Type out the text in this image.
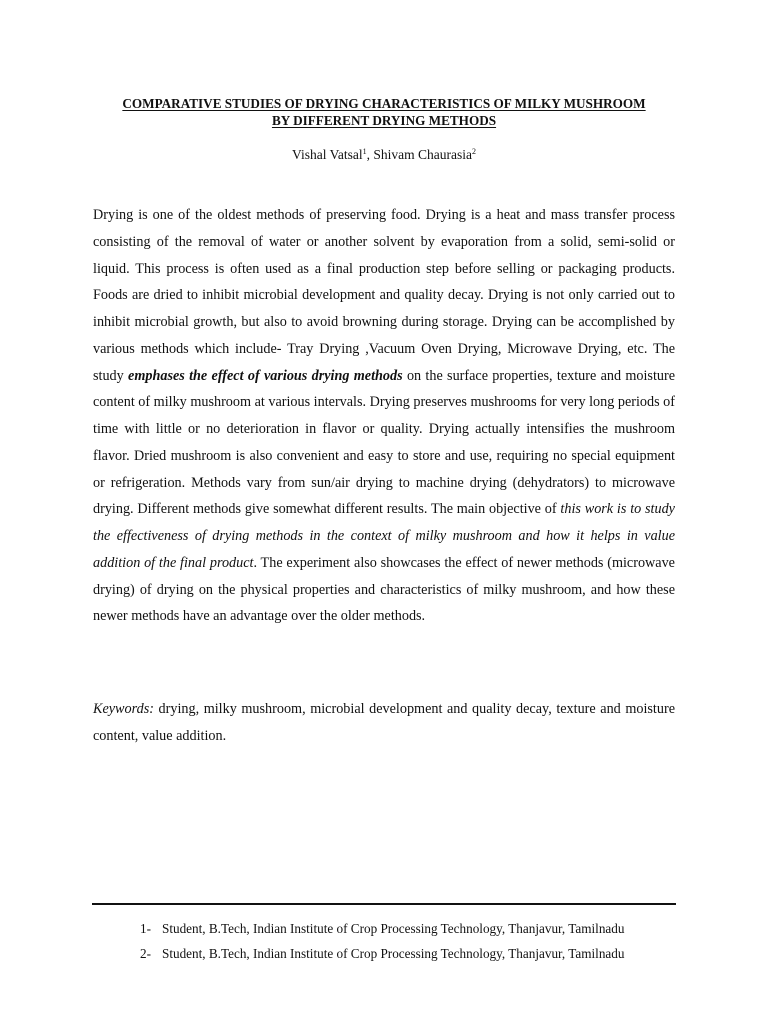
COMPARATIVE STUDIES OF DRYING CHARACTERISTICS OF MILKY MUSHROOM
BY DIFFERENT DRYING METHODS
Vishal Vatsal$^1$, Shivam Chaurasia$^2$

Drying is one of the oldest methods of preserving food. Drying is a heat and mass transfer process consisting of the removal of water or another solvent by evaporation from a solid, semi-solid or liquid. This process is often used as a final production step before selling or packaging products. Foods are dried to inhibit microbial development and quality decay. Drying is not only carried out to inhibit microbial growth, but also to avoid browning during storage. Drying can be accomplished by various methods which include- Tray Drying ,Vacuum Oven Drying, Microwave Drying, etc. The study emphases the effect of various drying methods on the surface properties, texture and moisture content of milky mushroom at various intervals. Drying preserves mushrooms for very long periods of time with little or no deterioration in flavor or quality. Drying actually intensifies the mushroom flavor. Dried mushroom is also convenient and easy to store and use, requiring no special equipment or refrigeration. Methods vary from sun/air drying to machine drying (dehydrators) to microwave drying. Different methods give somewhat different results. The main objective of this work is to study the effectiveness of drying methods in the context of milky mushroom and how it helps in value addition of the final product. The experiment also showcases the effect of newer methods (microwave drying) of drying on the physical properties and characteristics of milky mushroom, and how these newer methods have an advantage over the older methods.

Keywords: drying, milky mushroom, microbial development and quality decay, texture and moisture content, value addition.

1- Student, B.Tech, Indian Institute of Crop Processing Technology, Thanjavur, Tamilnadu
2- Student, B.Tech, Indian Institute of Crop Processing Technology, Thanjavur, Tamilnadu
